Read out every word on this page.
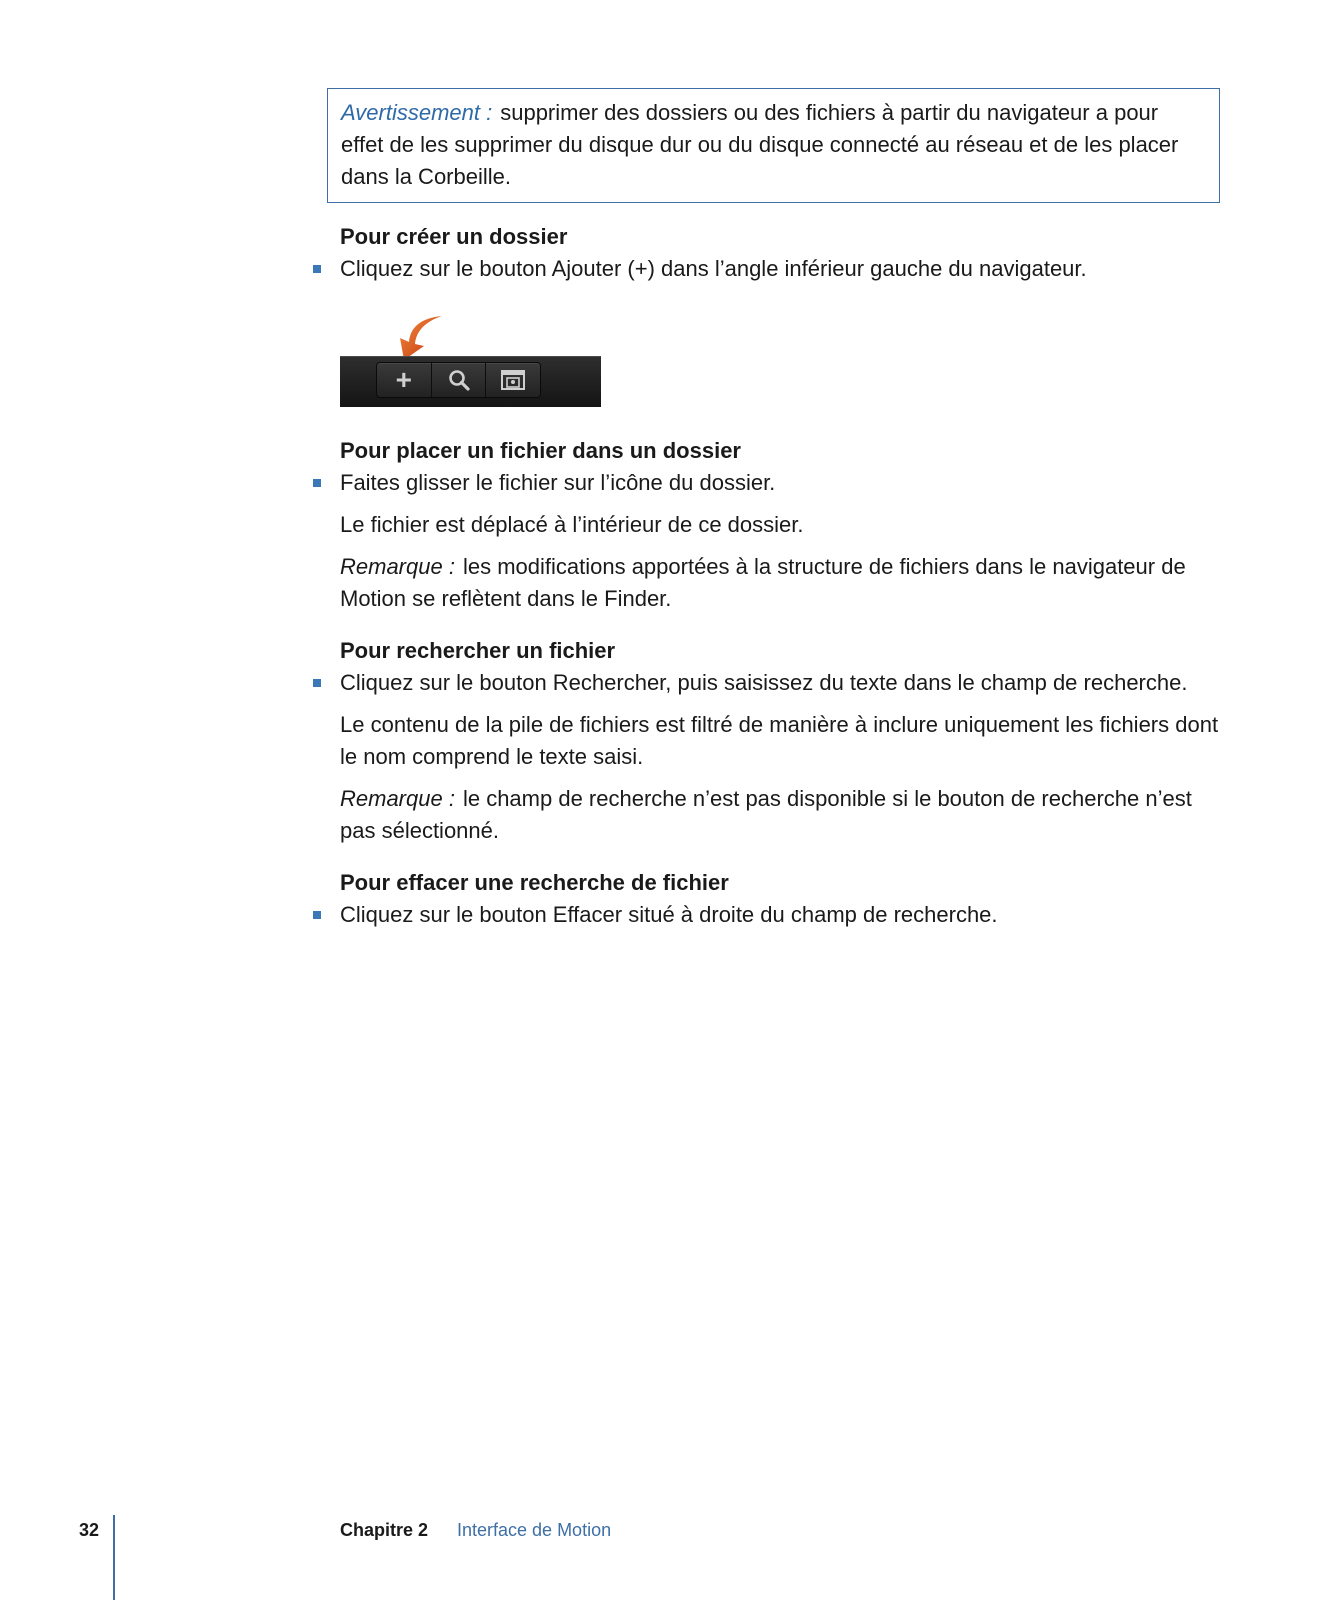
Avertissement : supprimer des dossiers ou des fichiers à partir du navigateur a pour effet de les supprimer du disque dur ou du disque connecté au réseau et de les placer dans la Corbeille.
Pour créer un dossier
Cliquez sur le bouton Ajouter (+) dans l’angle inférieur gauche du navigateur.
+
Pour placer un fichier dans un dossier
Faites glisser le fichier sur l’icône du dossier.
Le fichier est déplacé à l’intérieur de ce dossier.
Remarque : les modifications apportées à la structure de fichiers dans le navigateur de Motion se reflètent dans le Finder.
Pour rechercher un fichier
Cliquez sur le bouton Rechercher, puis saisissez du texte dans le champ de recherche.
Le contenu de la pile de fichiers est filtré de manière à inclure uniquement les fichiers dont le nom comprend le texte saisi.
Remarque : le champ de recherche n’est pas disponible si le bouton de recherche n’est pas sélectionné.
Pour effacer une recherche de fichier
Cliquez sur le bouton Effacer situé à droite du champ de recherche.
32	Chapitre 2 Interface de Motion
